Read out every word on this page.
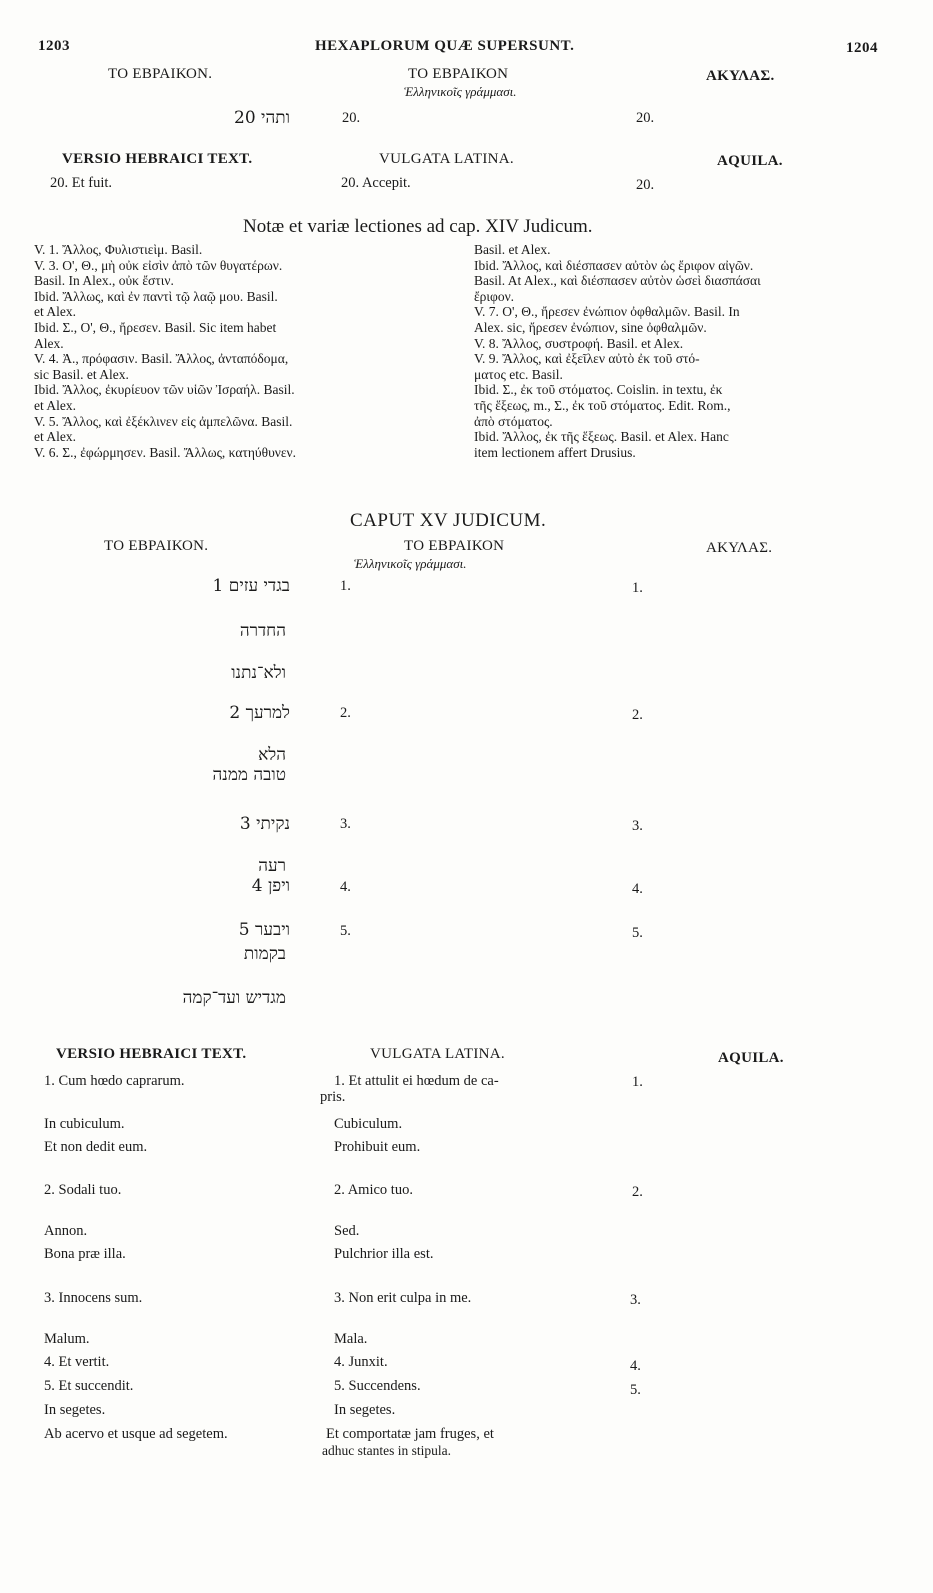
1203	HEXAPLORUM QUÆ SUPERSUNT.	1204
ΤΟ ΕΒΡΑΙΚΟΝ.	ΤΟ ΕΒΡΑΙΚΟΝ
Ἑλληνικοῖς γράμμασι.
ΑΚΥΛΑΣ.
ותהי 20	20.	20.
VERSIO HEBRAICI TEXT.	VULGATA LATINA.	AQUILA.
20. Et fuit.	20. Accepit.	20.
Notæ et variæ lectiones ad cap. XIV Judicum.
V. 1. Ἄλλος, Φυλιστιεὶμ. Basil.
V. 3. Ο', Θ., μὴ οὐκ εἰσὶν ἀπὸ τῶν θυγατέρων.
Basil. In Alex., οὐκ ἔστιν.
Ibid. Ἄλλως, καὶ ἐν παντὶ τῷ λαῷ μου. Basil.
et Alex.
Ibid. Σ., Ο', Θ., ἤρεσεν. Basil. Sic item habet
Alex.
V. 4. Ἀ., πρόφασιν. Basil. Ἄλλος, ἀνταπόδομα,
sic Basil. et Alex.
Ibid. Ἄλλος, ἐκυρίευον τῶν υἱῶν Ἰσραήλ. Basil.
et Alex.
V. 5. Ἄλλος, καὶ ἐξέκλινεν εἰς ἀμπελῶνα. Basil.
et Alex.
V. 6. Σ., ἐφώρμησεν. Basil. Ἄλλως, κατηύθυνεν.
Basil. et Alex.
Ibid. Ἄλλος, καὶ διέσπασεν αὐτὸν ὡς ἔριφον αἰγῶν.
Basil. At Alex., καὶ διέσπασεν αὐτὸν ὡσεὶ διασπάσαι
ἔριφον.
V. 7. Ο', Θ., ἤρεσεν ἐνώπιον ὀφθαλμῶν. Basil. In
Alex. sic, ἤρεσεν ἐνώπιον, sine ὀφθαλμῶν.
V. 8. Ἄλλος, συστροφή. Basil. et Alex.
V. 9. Ἄλλος, καὶ ἐξεῖλεν αὐτὸ ἐκ τοῦ στό-
ματος etc. Basil.
Ibid. Σ., ἐκ τοῦ στόματος. Coislin. in textu, ἐκ
τῆς ἕξεως, m., Σ., ἐκ τοῦ στόματος. Edit. Rom.,
ἀπὸ στόματος.
Ibid. Ἄλλος, ἐκ τῆς ἕξεως. Basil. et Alex. Hanc
item lectionem affert Drusius.
CAPUT XV JUDICUM.
ΤΟ ΕΒΡΑΙΚΟΝ.	ΤΟ ΕΒΡΑΙΚΟΝ
Ἑλληνικοῖς γράμμασι.
ΑΚΥΛΑΣ.
בגדי עזים 1	1.	1.
החדרה
ולא־נתנו
למרעך 2	2.	2.
הלא
טובה ממנה
נקיתי 3	3.	3.
רעה
ויפן 4	4.	4.
ויבער 5	5.	5.
בקמות
מגדיש ועד־קמה
VERSIO HEBRAICI TEXT.	VULGATA LATINA.	AQUILA.
1. Cum hœdo caprarum.	1. Et attulit ei hœdum de ca-	1.
pris.
In cubiculum.	Cubiculum.
Et non dedit eum.	Prohibuit eum.
2. Sodali tuo.	2. Amico tuo.	2.
Annon.	Sed.
Bona præ illa.	Pulchrior illa est.
3. Innocens sum.	3. Non erit culpa in me.	3.
Malum.	Mala.
4. Et vertit.	4. Junxit.	4.
5. Et succendit.	5. Succendens.	5.
In segetes.	In segetes.
Ab acervo et usque ad segetem.	Et comportatæ jam fruges, et
adhuc stantes in stipula.
